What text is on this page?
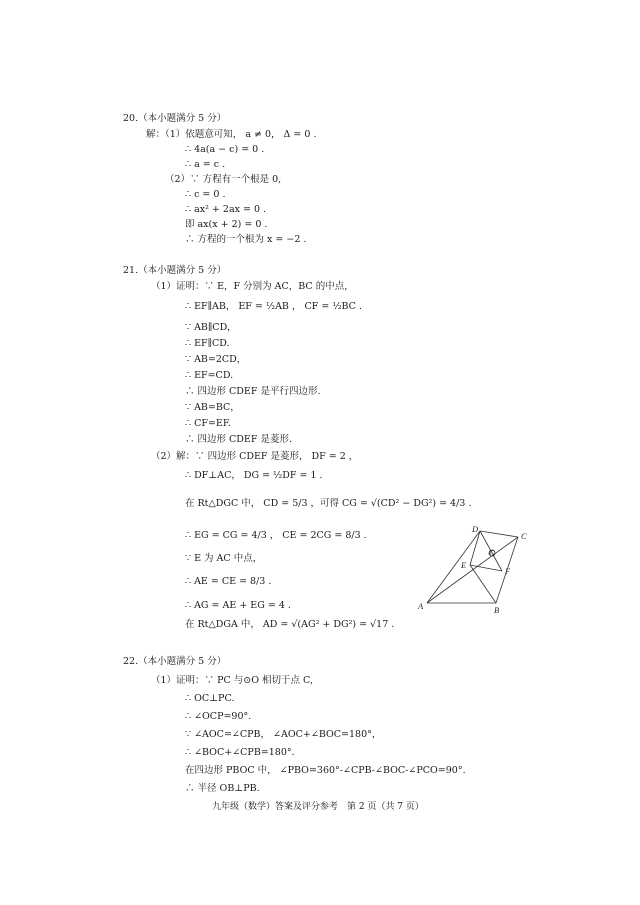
20.（本小题满分 5 分）
解：（1）依题意可知， a ≠ 0， Δ = 0 .
∴ 4a(a − c) = 0 .
∴ a = c .
（2）∵ 方程有一个根是 0,
∴ c = 0 .
∴ ax² + 2ax = 0 .
即 ax(x + 2) = 0 .
∴ 方程的一个根为 x = −2 .
21.（本小题满分 5 分）
（1）证明：∵ E，F 分别为 AC，BC 的中点，
∴ EF∥AB， EF = ½AB ， CF = ½BC .
∵ AB∥CD，
∴ EF∥CD.
∵ AB=2CD，
∴ EF=CD.
∴ 四边形 CDEF 是平行四边形.
∵ AB=BC，
∴ CF=EF.
∴ 四边形 CDEF 是菱形.
（2）解：∵ 四边形 CDEF 是菱形， DF = 2 ，
∴ DF⊥AC， DG = ½DF = 1 .
在 Rt△DGC 中， CD = 5/3 ，可得 CG = √(CD² − DG²) = 4/3 .
∴ EG = CG = 4/3 ， CE = 2CG = 8/3 .
∵ E 为 AC 中点，
∴ AE = CE = 8/3 .
∴ AG = AE + EG = 4 .
在 Rt△DGA 中， AD = √(AG² + DG²) = √17 .
D
C
G
E
F
A	B
22.（本小题满分 5 分）
（1）证明：∵ PC 与⊙O 相切于点 C,
∴ OC⊥PC.
∴ ∠OCP=90°.
∵ ∠AOC=∠CPB， ∠AOC+∠BOC=180°，
∴ ∠BOC+∠CPB=180°.
在四边形 PBOC 中， ∠PBO=360°-∠CPB-∠BOC-∠PCO=90°.
∴ 半径 OB⊥PB.
九年级（数学）答案及评分参考　第 2 页（共 7 页）
